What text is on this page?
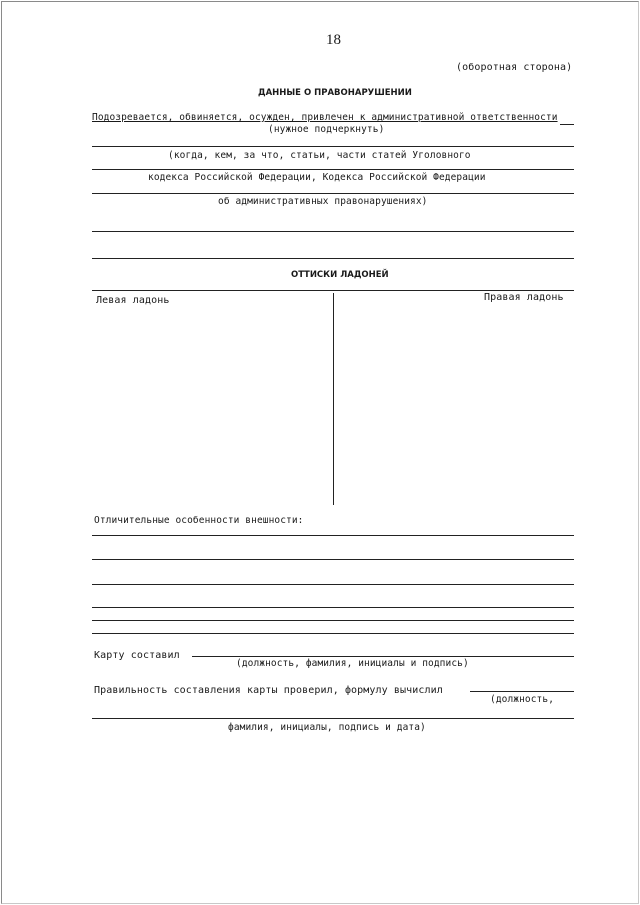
18
(оборотная сторона)
ДАННЫЕ О ПРАВОНАРУШЕНИИ
Подозревается, обвиняется, осужден, привлечен к административной ответственности
(нужное подчеркнуть)
(когда, кем, за что, статьи, части статей Уголовного
кодекса Российской Федерации, Кодекса Российской Федерации
об административных правонарушениях)
ОТТИСКИ ЛАДОНЕЙ
Левая ладонь	Правая ладонь
Отличительные особенности внешности:
Карту составил
(должность, фамилия, инициалы и подпись)
Правильность составления карты проверил, формулу вычислил
(должность,
фамилия, инициалы, подпись и дата)
